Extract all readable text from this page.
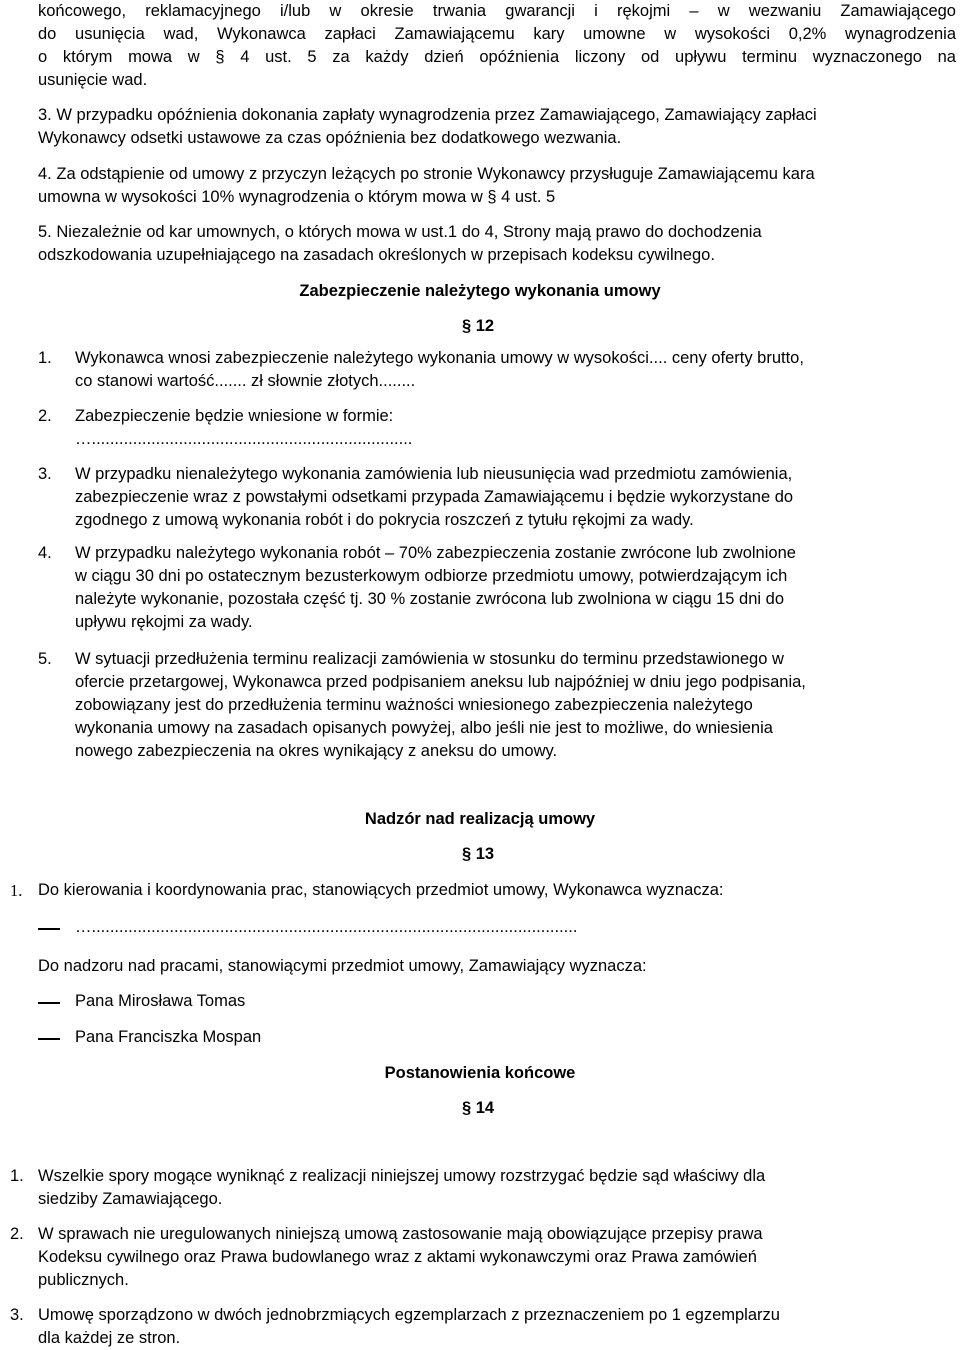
końcowego, reklamacyjnego i/lub w okresie trwania gwarancji i rękojmi – w wezwaniu Zamawiającego
do usunięcia wad, Wykonawca zapłaci Zamawiającemu kary umowne w wysokości 0,2% wynagrodzenia
o którym mowa w § 4 ust. 5 za każdy dzień opóźnienia liczony od upływu terminu wyznaczonego na
usunięcie wad.
3. W przypadku opóźnienia dokonania zapłaty wynagrodzenia przez Zamawiającego, Zamawiający zapłaci
Wykonawcy odsetki ustawowe za czas opóźnienia bez dodatkowego wezwania.
4. Za odstąpienie od umowy z przyczyn leżących po stronie Wykonawcy przysługuje Zamawiającemu kara
umowna w wysokości 10% wynagrodzenia o którym mowa w § 4 ust. 5
5. Niezależnie od kar umownych, o których mowa w ust.1 do 4, Strony mają prawo do dochodzenia
odszkodowania uzupełniającego na zasadach określonych w przepisach kodeksu cywilnego.
Zabezpieczenie należytego wykonania umowy
§ 12
1. Wykonawca wnosi zabezpieczenie należytego wykonania umowy w wysokości.... ceny oferty brutto,
co stanowi wartość....... zł słownie złotych........
2. Zabezpieczenie będzie wniesione w formie:
…......................................................................
3. W przypadku nienależytego wykonania zamówienia lub nieusunięcia wad przedmiotu zamówienia,
zabezpieczenie wraz z powstałymi odsetkami przypada Zamawiającemu i będzie wykorzystane do
zgodnego z umową wykonania robót i do pokrycia roszczeń z tytułu rękojmi za wady.
4. W przypadku należytego wykonania robót – 70% zabezpieczenia zostanie zwrócone lub zwolnione
w ciągu 30 dni po ostatecznym bezusterkowym odbiorze przedmiotu umowy, potwierdzającym ich
należyte wykonanie, pozostała część tj. 30 % zostanie zwrócona lub zwolniona w ciągu 15 dni do
upływu rękojmi za wady.
5. W sytuacji przedłużenia terminu realizacji zamówienia w stosunku do terminu przedstawionego w
ofercie przetargowej, Wykonawca przed podpisaniem aneksu lub najpóźniej w dniu jego podpisania,
zobowiązany jest do przedłużenia terminu ważności wniesionego zabezpieczenia należytego
wykonania umowy na zasadach opisanych powyżej, albo jeśli nie jest to możliwe, do wniesienia
nowego zabezpieczenia na okres wynikający z aneksu do umowy.
Nadzór nad realizacją umowy
§ 13
1. Do kierowania i koordynowania prac, stanowiących przedmiot umowy, Wykonawca wyznacza:
…..........................................................................................................
Do nadzoru nad pracami, stanowiącymi przedmiot umowy, Zamawiający wyznacza:
Pana Mirosława Tomas
Pana Franciszka Mospan
Postanowienia końcowe
§ 14
1. Wszelkie spory mogące wyniknąć z realizacji niniejszej umowy rozstrzygać będzie sąd właściwy dla
siedziby Zamawiającego.
2. W sprawach nie uregulowanych niniejszą umową zastosowanie mają obowiązujące przepisy prawa
Kodeksu cywilnego oraz Prawa budowlanego wraz z aktami wykonawczymi oraz Prawa zamówień
publicznych.
3. Umowę sporządzono w dwóch jednobrzmiących egzemplarzach z przeznaczeniem po 1 egzemplarzu
dla każdej ze stron.
